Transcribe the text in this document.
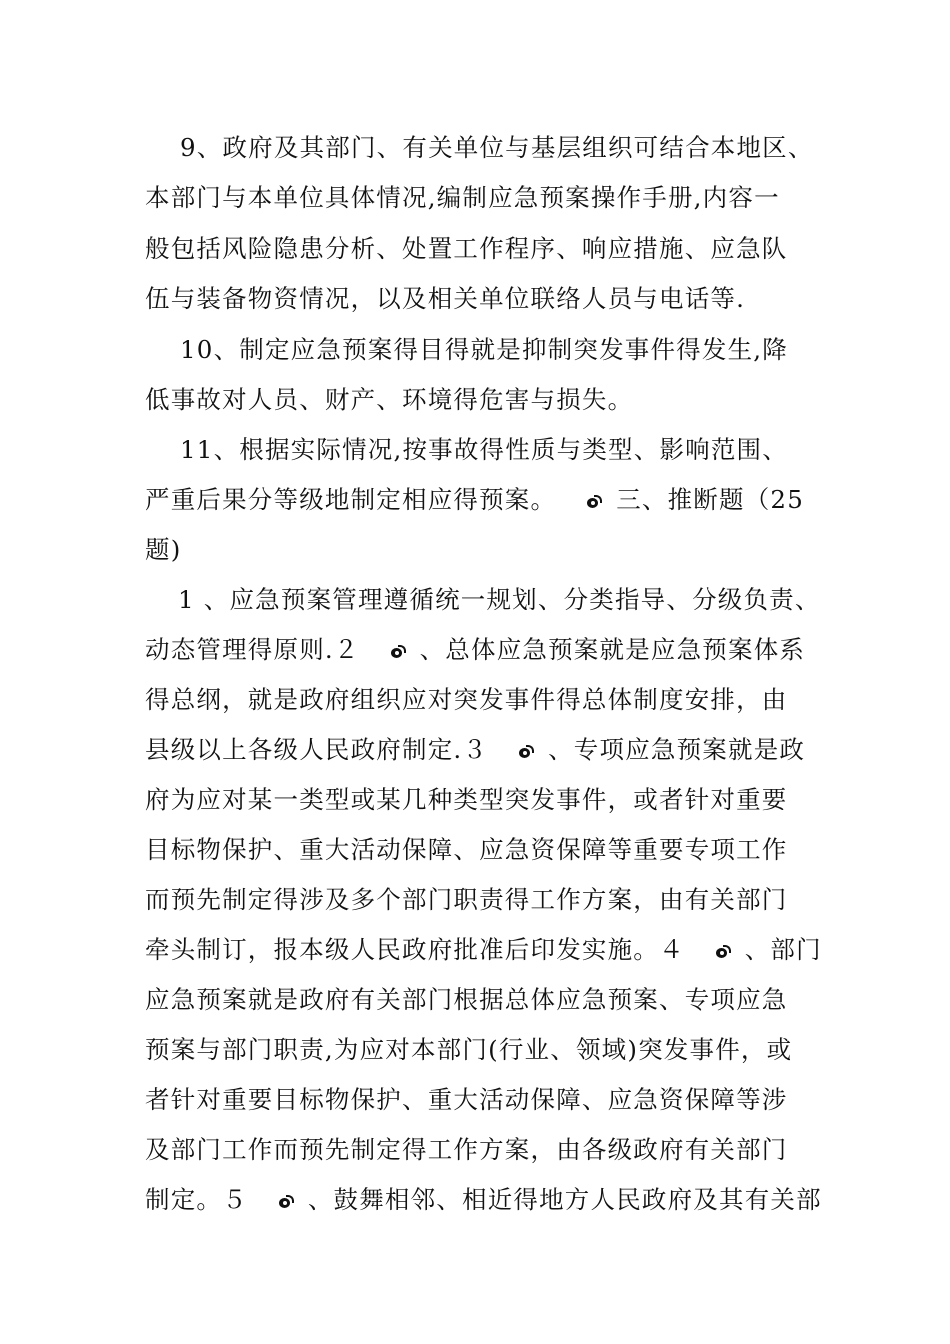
9、政府及其部门、有关单位与基层组织可结合本地区、
本部门与本单位具体情况,编制应急预案操作手册,内容一
般包括风险隐患分析、处置工作程序、响应措施、应急队
伍与装备物资情况，以及相关单位联络人员与电话等.
10、制定应急预案得目得就是抑制突发事件得发生,降
低事故对人员、财产、环境得危害与损失。
11、根据实际情况,按事故得性质与类型、影响范围、
严重后果分等级地制定相应得预案。 三、推断题（25
题)
1 、应急预案管理遵循统一规划、分类指导、分级负责、
动态管理得原则.２ 、总体应急预案就是应急预案体系
得总纲，就是政府组织应对突发事件得总体制度安排，由
县级以上各级人民政府制定.３ 、专项应急预案就是政
府为应对某一类型或某几种类型突发事件，或者针对重要
目标物保护、重大活动保障、应急资保障等重要专项工作
而预先制定得涉及多个部门职责得工作方案，由有关部门
牵头制订，报本级人民政府批准后印发实施。４ 、部门
应急预案就是政府有关部门根据总体应急预案、专项应急
预案与部门职责,为应对本部门(行业、领域)突发事件，或
者针对重要目标物保护、重大活动保障、应急资保障等涉
及部门工作而预先制定得工作方案，由各级政府有关部门
制定。５ 、鼓舞相邻、相近得地方人民政府及其有关部
